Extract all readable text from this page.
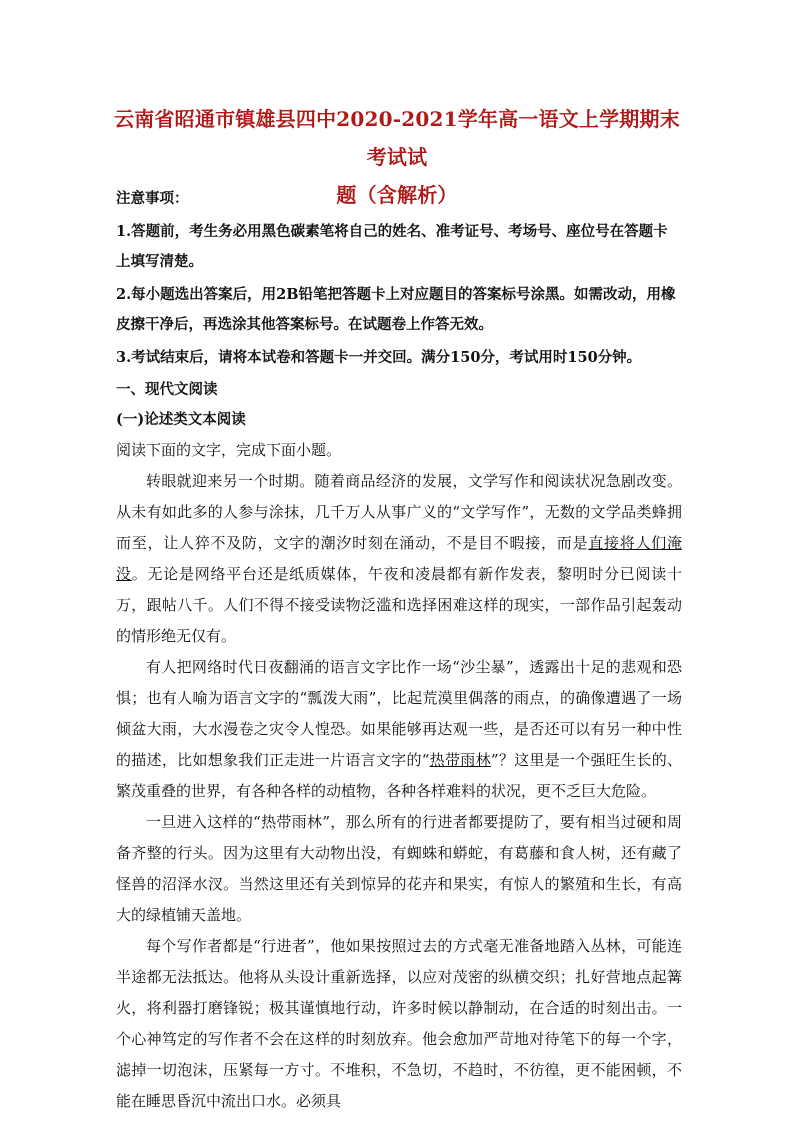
云南省昭通市镇雄县四中2020-2021学年高一语文上学期期末考试试
题（含解析）

注意事项：

1.答题前，考生务必用黑色碳素笔将自己的姓名、准考证号、考场号、座位号在答题卡上填写清楚。

2.每小题选出答案后，用2B铅笔把答题卡上对应题目的答案标号涂黑。如需改动，用橡皮擦干净后，再选涂其他答案标号。在试题卷上作答无效。

3.考试结束后，请将本试卷和答题卡一并交回。满分150分，考试用时150分钟。

一、现代文阅读

(一)论述类文本阅读

阅读下面的文字，完成下面小题。

转眼就迎来另一个时期。随着商品经济的发展，文学写作和阅读状况急剧改变。从未有如此多的人参与涂抹，几千万人从事广义的“文学写作”，无数的文学品类蜂拥而至，让人猝不及防，文字的潮汐时刻在涌动，不是目不暇接，而是直接将人们淹没。无论是网络平台还是纸质媒体，午夜和凌晨都有新作发表，黎明时分已阅读十万，跟帖八千。人们不得不接受读物泛滥和选择困难这样的现实，一部作品引起轰动的情形绝无仅有。

有人把网络时代日夜翻涌的语言文字比作一场“沙尘暴”，透露出十足的悲观和恐惧；也有人喻为语言文字的“瓢泼大雨”，比起荒漠里偶落的雨点，的确像遭遇了一场倾盆大雨，大水漫卷之灾令人惶恐。如果能够再达观一些，是否还可以有另一种中性的描述，比如想象我们正走进一片语言文字的“热带雨林”？这里是一个强旺生长的、繁茂重叠的世界，有各种各样的动植物，各种各样难料的状况，更不乏巨大危险。

一旦进入这样的“热带雨林”，那么所有的行进者都要提防了，要有相当过硬和周备齐整的行头。因为这里有大动物出没，有蜘蛛和蟒蛇，有葛藤和食人树，还有藏了怪兽的沼泽水汊。当然这里还有关到惊异的花卉和果实，有惊人的繁殖和生长，有高大的绿植铺天盖地。

每个写作者都是“行进者”，他如果按照过去的方式毫无准备地踏入丛林，可能连半途都无法抵达。他将从头设计重新选择，以应对茂密的纵横交织；扎好营地点起篝火，将利器打磨锋锐；极其谨慎地行动，许多时候以静制动，在合适的时刻出击。一个心神笃定的写作者不会在这样的时刻放弃。他会愈加严苛地对待笔下的每一个字，滤掉一切泡沫，压紧每一方寸。不堆积，不急切，不趋时，不彷徨，更不能困顿，不能在睡思昏沉中流出口水。必须具
